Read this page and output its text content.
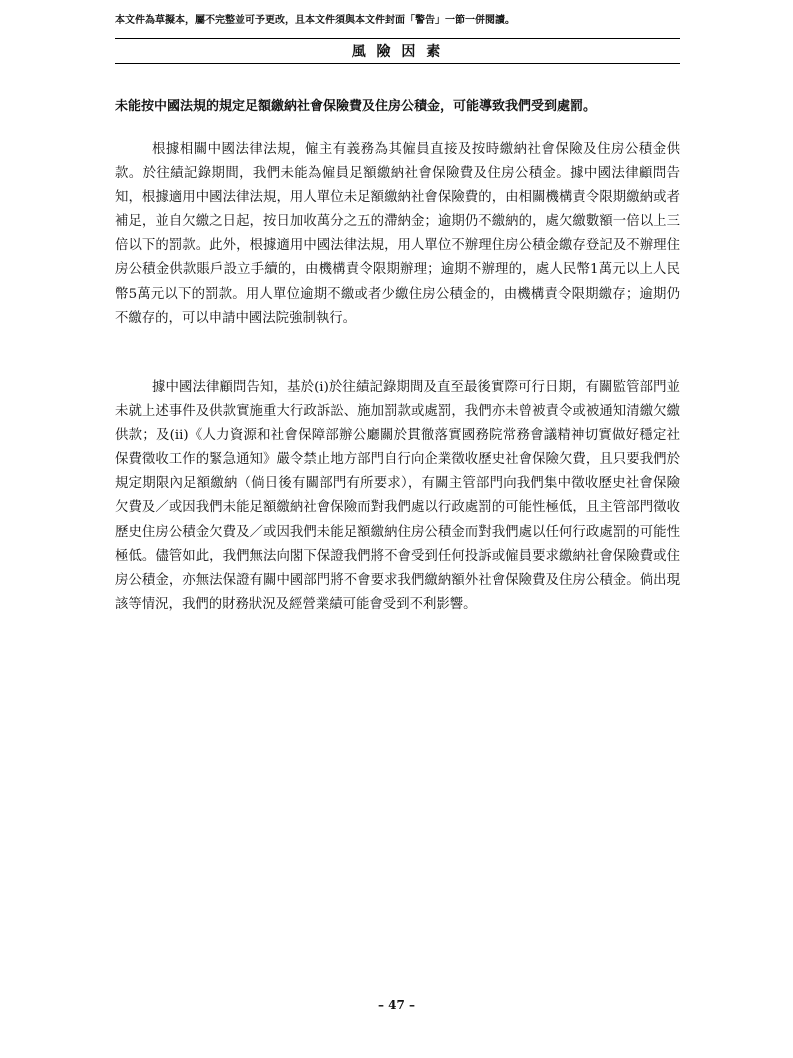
本文件為草擬本，屬不完整並可予更改，且本文件須與本文件封面「警告」一節一併閱讀。
風 險 因 素
未能按中國法規的規定足額繳納社會保險費及住房公積金，可能導致我們受到處罰。

根據相關中國法律法規，僱主有義務為其僱員直接及按時繳納社會保險及住房公積金供款。於往績記錄期間，我們未能為僱員足額繳納社會保險費及住房公積金。據中國法律顧問告知，根據適用中國法律法規，用人單位未足額繳納社會保險費的，由相關機構責令限期繳納或者補足，並自欠繳之日起，按日加收萬分之五的滯納金；逾期仍不繳納的，處欠繳數額一倍以上三倍以下的罰款。此外，根據適用中國法律法規，用人單位不辦理住房公積金繳存登記及不辦理住房公積金供款賬戶設立手續的，由機構責令限期辦理；逾期不辦理的，處人民幣1萬元以上人民幣5萬元以下的罰款。用人單位逾期不繳或者少繳住房公積金的，由機構責令限期繳存；逾期仍不繳存的，可以申請中國法院強制執行。

據中國法律顧問告知，基於(i)於往績記錄期間及直至最後實際可行日期，有關監管部門並未就上述事件及供款實施重大行政訴訟、施加罰款或處罰，我們亦未曾被責令或被通知清繳欠繳供款；及(ii)《人力資源和社會保障部辦公廳關於貫徹落實國務院常務會議精神切實做好穩定社保費徵收工作的緊急通知》嚴令禁止地方部門自行向企業徵收歷史社會保險欠費，且只要我們於規定期限內足額繳納（倘日後有關部門有所要求），有關主管部門向我們集中徵收歷史社會保險欠費及／或因我們未能足額繳納社會保險而對我們處以行政處罰的可能性極低，且主管部門徵收歷史住房公積金欠費及／或因我們未能足額繳納住房公積金而對我們處以任何行政處罰的可能性極低。儘管如此，我們無法向閣下保證我們將不會受到任何投訴或僱員要求繳納社會保險費或住房公積金，亦無法保證有關中國部門將不會要求我們繳納額外社會保險費及住房公積金。倘出現該等情況，我們的財務狀況及經營業績可能會受到不利影響。

– 47 –
